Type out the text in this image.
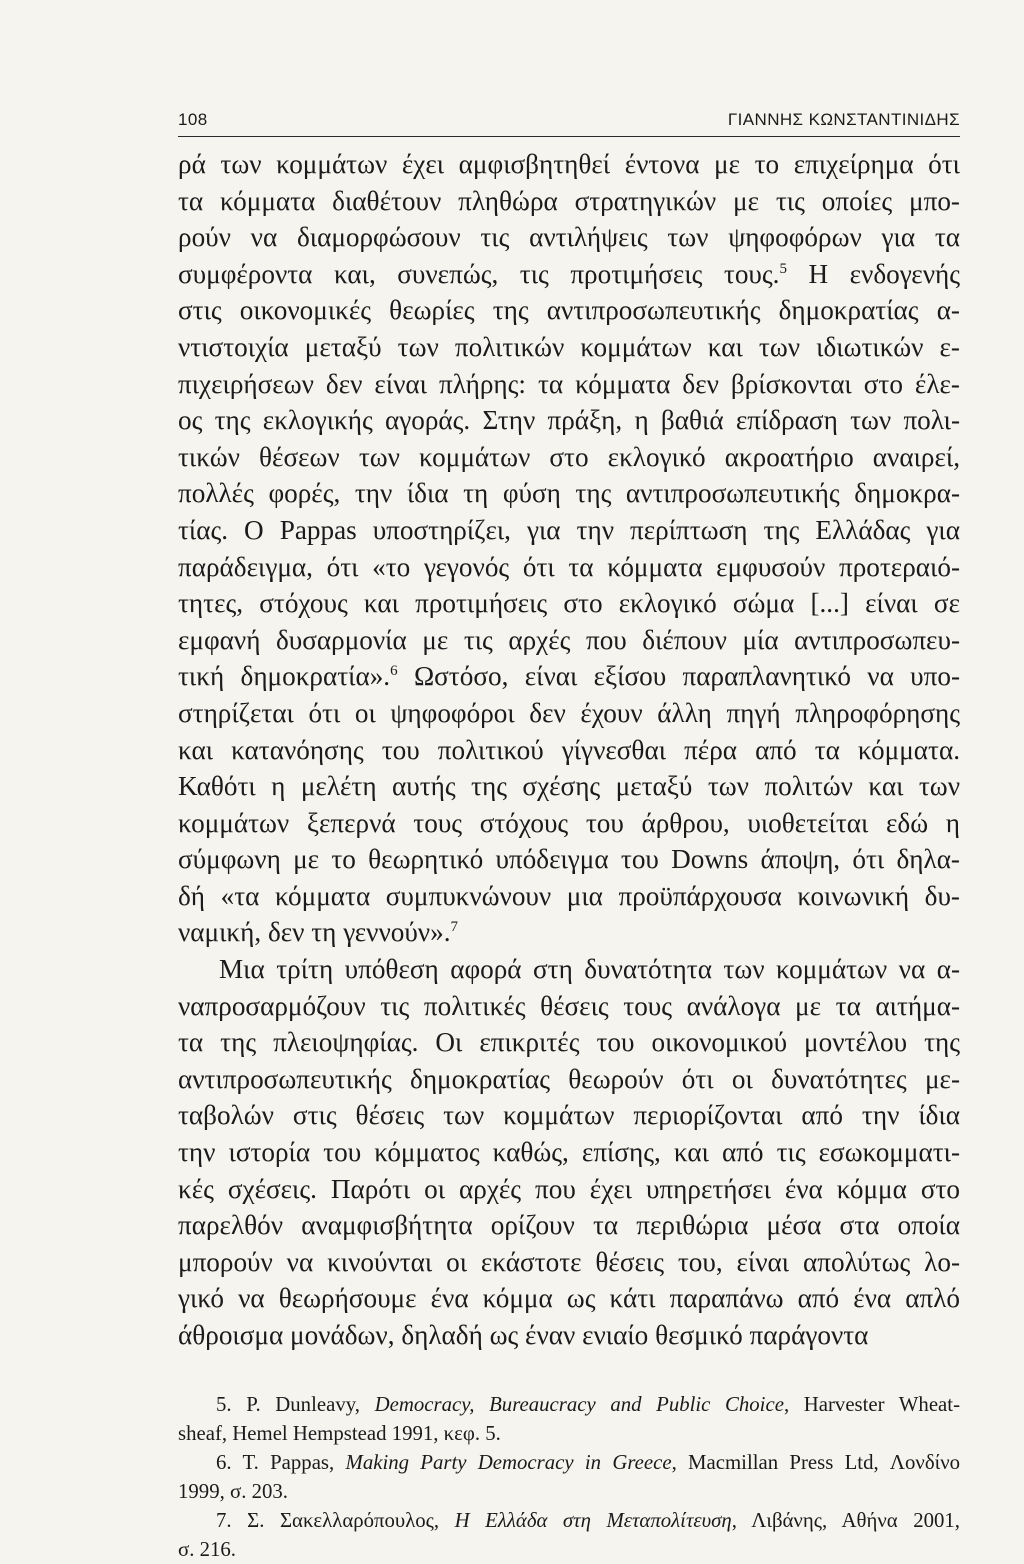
108	ΓΙΑΝΝΗΣ ΚΩΝΣΤΑΝΤΙΝΙΔΗΣ
ρά των κομμάτων έχει αμφισβητηθεί έντονα με το επιχείρημα ότι
τα κόμματα διαθέτουν πληθώρα στρατηγικών με τις οποίες μπο-
ρούν να διαμορφώσουν τις αντιλήψεις των ψηφοφόρων για τα
συμφέροντα και, συνεπώς, τις προτιμήσεις τους.$^5$ Η ενδογενής
στις οικονομικές θεωρίες της αντιπροσωπευτικής δημοκρατίας α-
ντιστοιχία μεταξύ των πολιτικών κομμάτων και των ιδιωτικών ε-
πιχειρήσεων δεν είναι πλήρης: τα κόμματα δεν βρίσκονται στο έλε-
ος της εκλογικής αγοράς. Στην πράξη, η βαθιά επίδραση των πολι-
τικών θέσεων των κομμάτων στο εκλογικό ακροατήριο αναιρεί,
πολλές φορές, την ίδια τη φύση της αντιπροσωπευτικής δημοκρα-
τίας. Ο Pappas υποστηρίζει, για την περίπτωση της Ελλάδας για
παράδειγμα, ότι «το γεγονός ότι τα κόμματα εμφυσούν προτεραιό-
τητες, στόχους και προτιμήσεις στο εκλογικό σώμα [...] είναι σε
εμφανή δυσαρμονία με τις αρχές που διέπουν μία αντιπροσωπευ-
τική δημοκρατία».$^6$ Ωστόσο, είναι εξίσου παραπλανητικό να υπο-
στηρίζεται ότι οι ψηφοφόροι δεν έχουν άλλη πηγή πληροφόρησης
και κατανόησης του πολιτικού γίγνεσθαι πέρα από τα κόμματα.
Καθότι η μελέτη αυτής της σχέσης μεταξύ των πολιτών και των
κομμάτων ξεπερνά τους στόχους του άρθρου, υιοθετείται εδώ η
σύμφωνη με το θεωρητικό υπόδειγμα του Downs άποψη, ότι δηλα-
δή «τα κόμματα συμπυκνώνουν μια προϋπάρχουσα κοινωνική δυ-
ναμική, δεν τη γεννούν».$^7$
Μια τρίτη υπόθεση αφορά στη δυνατότητα των κομμάτων να α-
ναπροσαρμόζουν τις πολιτικές θέσεις τους ανάλογα με τα αιτήμα-
τα της πλειοψηφίας. Οι επικριτές του οικονομικού μοντέλου της
αντιπροσωπευτικής δημοκρατίας θεωρούν ότι οι δυνατότητες με-
ταβολών στις θέσεις των κομμάτων περιορίζονται από την ίδια
την ιστορία του κόμματος καθώς, επίσης, και από τις εσωκομματι-
κές σχέσεις. Παρότι οι αρχές που έχει υπηρετήσει ένα κόμμα στο
παρελθόν αναμφισβήτητα ορίζουν τα περιθώρια μέσα στα οποία
μπορούν να κινούνται οι εκάστοτε θέσεις του, είναι απολύτως λο-
γικό να θεωρήσουμε ένα κόμμα ως κάτι παραπάνω από ένα απλό
άθροισμα μονάδων, δηλαδή ως έναν ενιαίο θεσμικό παράγοντα
5. P. Dunleavy, Democracy, Bureaucracy and Public Choice, Harvester Wheat-
sheaf, Hemel Hempstead 1991, κεφ. 5.
6. T. Pappas, Making Party Democracy in Greece, Macmillan Press Ltd, Λονδίνο
1999, σ. 203.
7. Σ. Σακελλαρόπουλος, Η Ελλάδα στη Μεταπολίτευση, Λιβάνης, Αθήνα 2001,
σ. 216.
